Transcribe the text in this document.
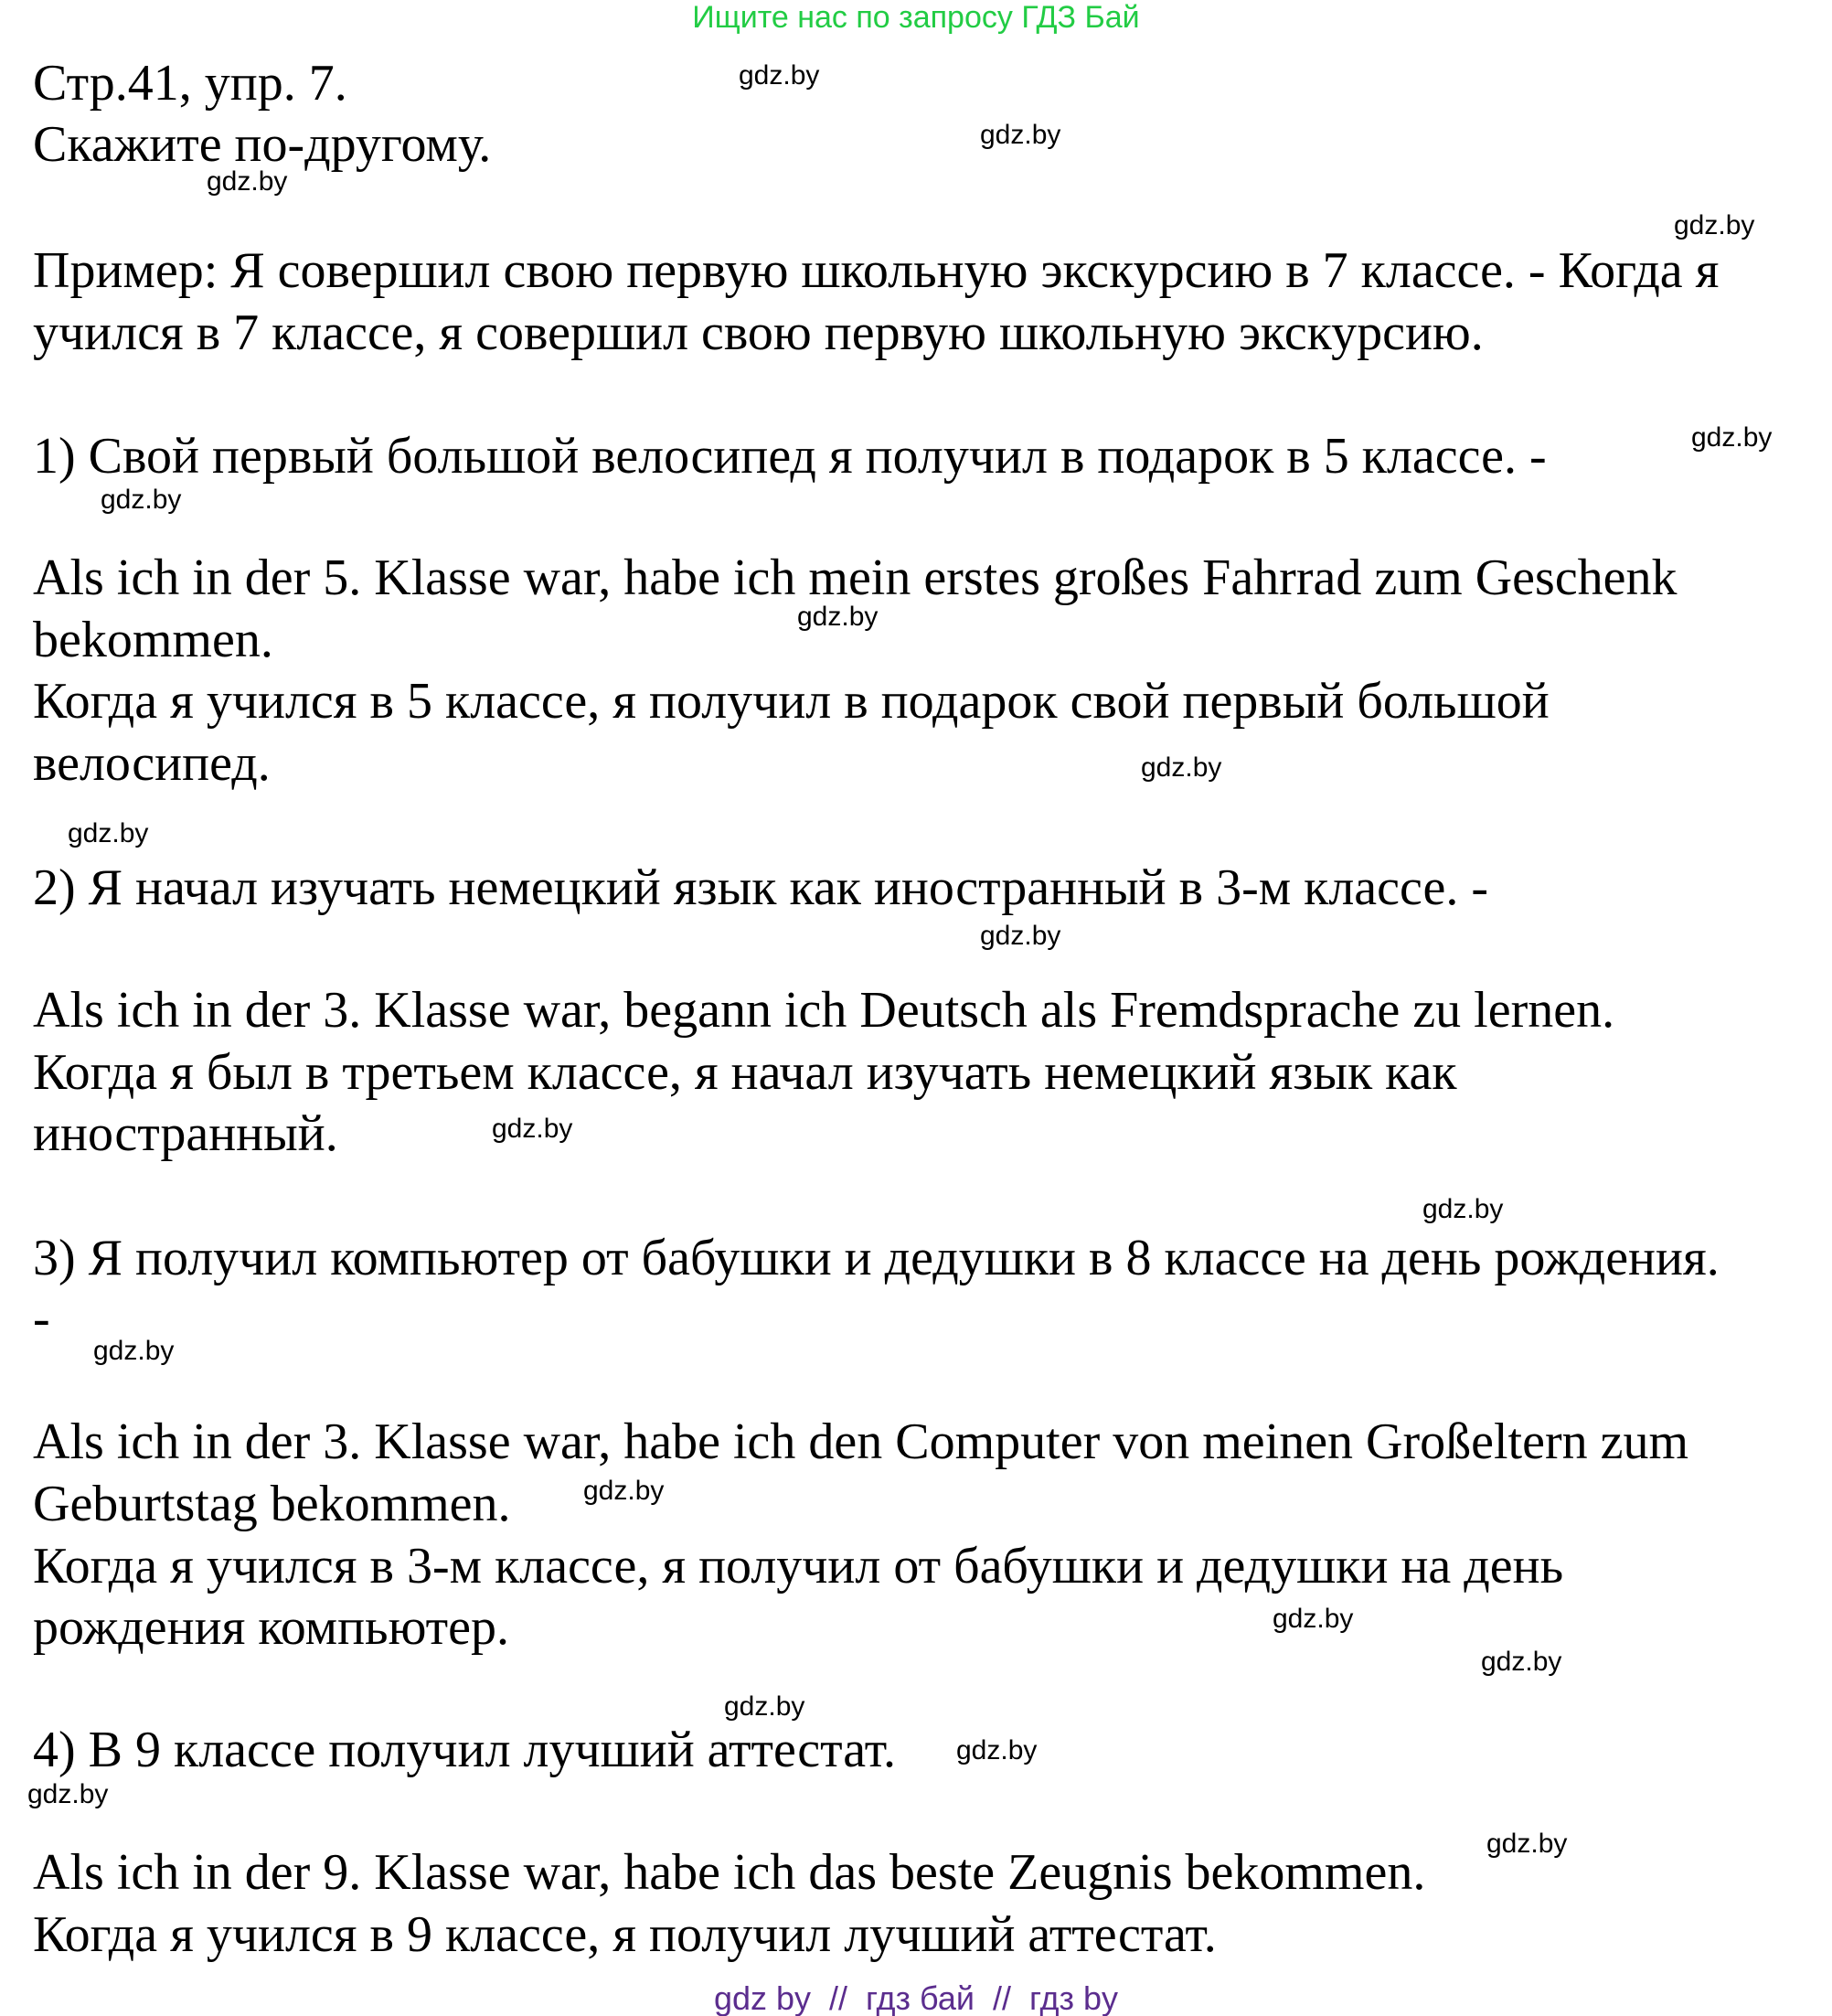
Ищите нас по запросу ГДЗ Бай
Стр.41, упр. 7.
Скажите по-другому.
Пример: Я совершил свою первую школьную экскурсию в 7 классе. - Когда я
учился в 7 классе, я совершил свою первую школьную экскурсию.
1) Свой первый большой велосипед я получил в подарок в 5 классе. -
Als ich in der 5. Klasse war, habe ich mein erstes großes Fahrrad zum Geschenk
bekommen.
Когда я учился в 5 классе, я получил в подарок свой первый большой
велосипед.
2) Я начал изучать немецкий язык как иностранный в 3-м классе. -
Als ich in der 3. Klasse war, begann ich Deutsch als Fremdsprache zu lernen.
Когда я был в третьем классе, я начал изучать немецкий язык как
иностранный.
3) Я получил компьютер от бабушки и дедушки в 8 классе на день рождения.
-
Als ich in der 3. Klasse war, habe ich den Computer von meinen Großeltern zum
Geburtstag bekommen.
Когда я учился в 3-м классе, я получил от бабушки и дедушки на день
рождения компьютер.
4) В 9 классе получил лучший аттестат.
Als ich in der 9. Klasse war, habe ich das beste Zeugnis bekommen.
Когда я учился в 9 классе, я получил лучший аттестат.
gdz.by
gdz.by
gdz.by
gdz.by
gdz.by
gdz.by
gdz.by
gdz.by
gdz.by
gdz.by
gdz.by
gdz.by
gdz.by
gdz.by
gdz.by
gdz.by
gdz.by
gdz.by
gdz.by
gdz.by
gdz by  //  гдз бай  //  гдз by
